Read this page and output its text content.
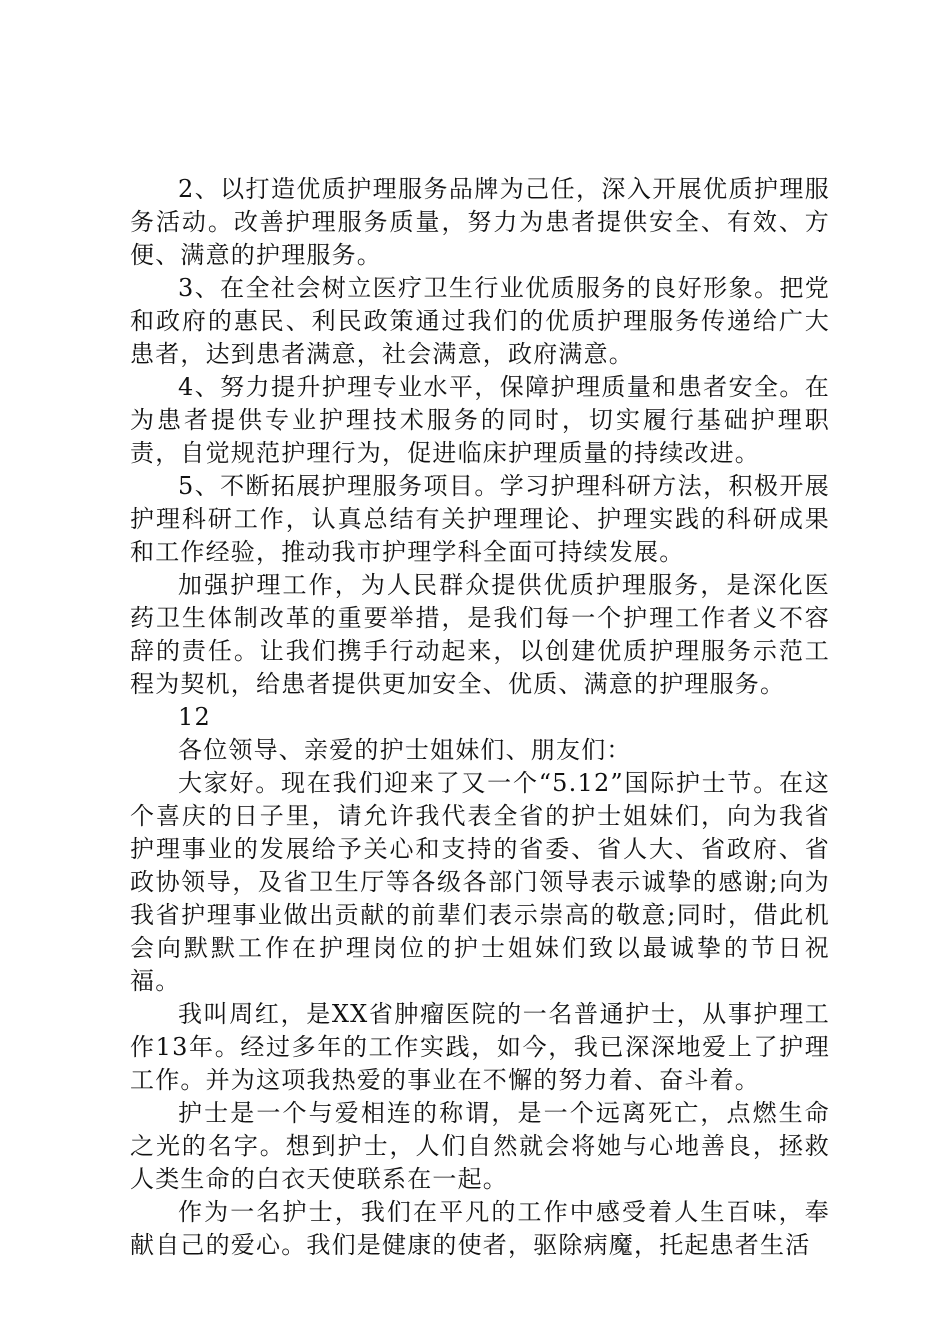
2、以打造优质护理服务品牌为己任，深入开展优质护理服务活动。改善护理服务质量，努力为患者提供安全、有效、方便、满意的护理服务。

3、在全社会树立医疗卫生行业优质服务的良好形象。把党和政府的惠民、利民政策通过我们的优质护理服务传递给广大患者，达到患者满意，社会满意，政府满意。

4、努力提升护理专业水平，保障护理质量和患者安全。在为患者提供专业护理技术服务的同时，切实履行基础护理职责，自觉规范护理行为，促进临床护理质量的持续改进。

5、不断拓展护理服务项目。学习护理科研方法，积极开展护理科研工作，认真总结有关护理理论、护理实践的科研成果和工作经验，推动我市护理学科全面可持续发展。

加强护理工作，为人民群众提供优质护理服务，是深化医药卫生体制改革的重要举措，是我们每一个护理工作者义不容辞的责任。让我们携手行动起来，以创建优质护理服务示范工程为契机，给患者提供更加安全、优质、满意的护理服务。

12

各位领导、亲爱的护士姐妹们、朋友们：

大家好。现在我们迎来了又一个“5.12”国际护士节。在这个喜庆的日子里，请允许我代表全省的护士姐妹们，向为我省护理事业的发展给予关心和支持的省委、省人大、省政府、省政协领导，及省卫生厅等各级各部门领导表示诚挚的感谢;向为我省护理事业做出贡献的前辈们表示崇高的敬意;同时，借此机会向默默工作在护理岗位的护士姐妹们致以最诚挚的节日祝福。

我叫周红，是XX省肿瘤医院的一名普通护士，从事护理工作13年。经过多年的工作实践，如今，我已深深地爱上了护理工作。并为这项我热爱的事业在不懈的努力着、奋斗着。

护士是一个与爱相连的称谓，是一个远离死亡，点燃生命之光的名字。想到护士，人们自然就会将她与心地善良，拯救人类生命的白衣天使联系在一起。

作为一名护士，我们在平凡的工作中感受着人生百味，奉献自己的爱心。我们是健康的使者，驱除病魔，托起患者生活
